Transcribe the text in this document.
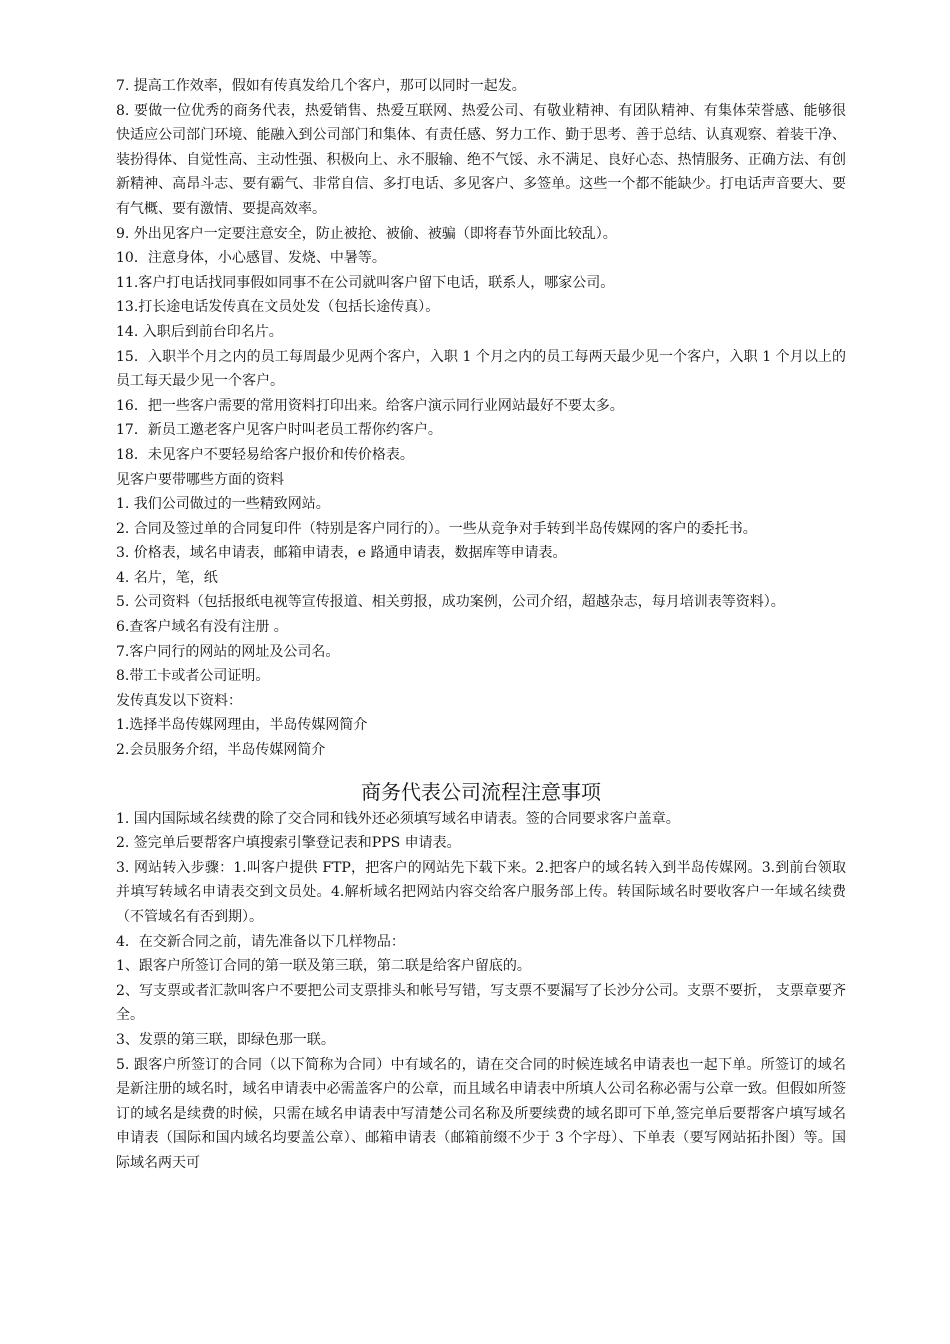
7. 提高工作效率，假如有传真发给几个客户，那可以同时一起发。

8. 要做一位优秀的商务代表，热爱销售、热爱互联网、热爱公司、有敬业精神、有团队精神、有集体荣誉感、能够很快适应公司部门环境、能融入到公司部门和集体、有责任感、努力工作、勤于思考、善于总结、认真观察、着装干净、装扮得体、自觉性高、主动性强、积极向上、永不服输、绝不气馁、永不满足、良好心态、热情服务、正确方法、有创新精神、高昂斗志、要有霸气、非常自信、多打电话、多见客户、多签单。这些一个都不能缺少。打电话声音要大、要有气概、要有激情、要提高效率。

9. 外出见客户一定要注意安全，防止被抢、被偷、被骗（即将春节外面比较乱）。

10．注意身体，小心感冒、发烧、中暑等。

11.客户打电话找同事假如同事不在公司就叫客户留下电话，联系人，哪家公司。

13.打长途电话发传真在文员处发（包括长途传真）。

14. 入职后到前台印名片。

15．入职半个月之内的员工每周最少见两个客户，入职 1 个月之内的员工每两天最少见一个客户，入职 1 个月以上的员工每天最少见一个客户。

16．把一些客户需要的常用资料打印出来。给客户演示同行业网站最好不要太多。

17．新员工邀老客户见客户时叫老员工帮你约客户。

18．未见客户不要轻易给客户报价和传价格表。

见客户要带哪些方面的资料

1. 我们公司做过的一些精致网站。

2. 合同及签过单的合同复印件（特别是客户同行的）。一些从竞争对手转到半岛传媒网的客户的委托书。

3. 价格表，域名申请表，邮箱申请表，e 路通申请表，数据库等申请表。

4. 名片，笔，纸

5. 公司资料（包括报纸电视等宣传报道、相关剪报，成功案例，公司介绍，超越杂志，每月培训表等资料）。

6.查客户域名有没有注册 。

7.客户同行的网站的网址及公司名。

8.带工卡或者公司证明。

发传真发以下资料：

1.选择半岛传媒网理由，半岛传媒网简介

2.会员服务介绍，半岛传媒网简介

商务代表公司流程注意事项

1. 国内国际域名续费的除了交合同和钱外还必须填写域名申请表。签的合同要求客户盖章。

2. 签完单后要帮客户填搜索引擎登记表和PPS 申请表。

3. 网站转入步骤：1.叫客户提供 FTP，把客户的网站先下载下来。2.把客户的域名转入到半岛传媒网。3.到前台领取并填写转域名申请表交到文员处。4.解析域名把网站内容交给客户服务部上传。转国际域名时要收客户一年域名续费（不管域名有否到期）。

4．在交新合同之前，请先准备以下几样物品：

1、跟客户所签订合同的第一联及第三联，第二联是给客户留底的。

2、写支票或者汇款叫客户不要把公司支票排头和帐号写错，写支票不要漏写了长沙分公司。支票不要折， 支票章要齐全。

3、发票的第三联，即绿色那一联。

5. 跟客户所签订的合同（以下简称为合同）中有域名的，请在交合同的时候连域名申请表也一起下单。所签订的域名是新注册的域名时，域名申请表中必需盖客户的公章，而且域名申请表中所填人公司名称必需与公章一致。但假如所签订的域名是续费的时候，只需在域名申请表中写清楚公司名称及所要续费的域名即可下单,签完单后要帮客户填写域名申请表（国际和国内域名均要盖公章）、邮箱申请表（邮箱前缀不少于 3 个字母）、下单表（要写网站拓扑图）等。国际域名两天可
